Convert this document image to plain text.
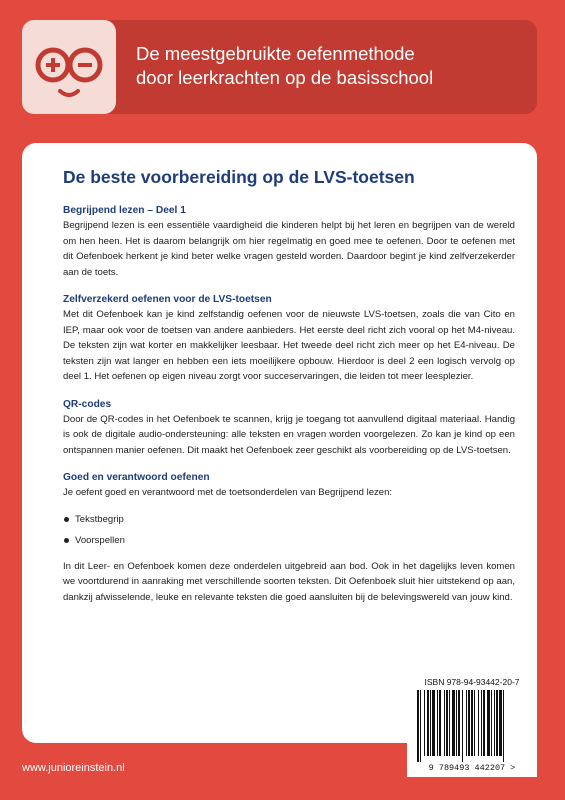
De meestgebruikte oefenmethode
door leerkrachten op de basisschool
De beste voorbereiding op de LVS-toetsen
Begrijpend lezen – Deel 1

Begrijpend lezen is een essentiële vaardigheid die kinderen helpt bij het leren en begrijpen van de wereld om hen heen. Het is daarom belangrijk om hier regelmatig en goed mee te oefenen. Door te oefenen met dit Oefenboek herkent je kind beter welke vragen gesteld worden. Daardoor begint je kind zelfverzekerder aan de toets.

Zelfverzekerd oefenen voor de LVS-toetsen

Met dit Oefenboek kan je kind zelfstandig oefenen voor de nieuwste LVS-toetsen, zoals die van Cito en IEP, maar ook voor de toetsen van andere aanbieders. Het eerste deel richt zich vooral op het M4-niveau. De teksten zijn wat korter en makkelijker leesbaar. Het tweede deel richt zich meer op het E4-niveau. De teksten zijn wat langer en hebben een iets moeilijkere opbouw. Hierdoor is deel 2 een logisch vervolg op deel 1. Het oefenen op eigen niveau zorgt voor succeservaringen, die leiden tot meer leesplezier.

QR-codes

Door de QR-codes in het Oefenboek te scannen, krijg je toegang tot aanvullend digitaal materiaal. Handig is ook de digitale audio-ondersteuning: alle teksten en vragen worden voorgelezen. Zo kan je kind op een ontspannen manier oefenen. Dit maakt het Oefenboek zeer geschikt als voorbereiding op de LVS-toetsen.

Goed en verantwoord oefenen

Je oefent goed en verantwoord met de toetsonderdelen van Begrijpend lezen:

Tekstbegrip
Voorspellen

In dit Leer- en Oefenboek komen deze onderdelen uitgebreid aan bod. Ook in het dagelijks leven komen we voortdurend in aanraking met verschillende soorten teksten. Dit Oefenboek sluit hier uitstekend op aan, dankzij afwisselende, leuke en relevante teksten die goed aansluiten bij de belevingswereld van jouw kind.

www.junioreinstein.nl
ISBN 978-94-93442-20-7
9 789493 442207 >
